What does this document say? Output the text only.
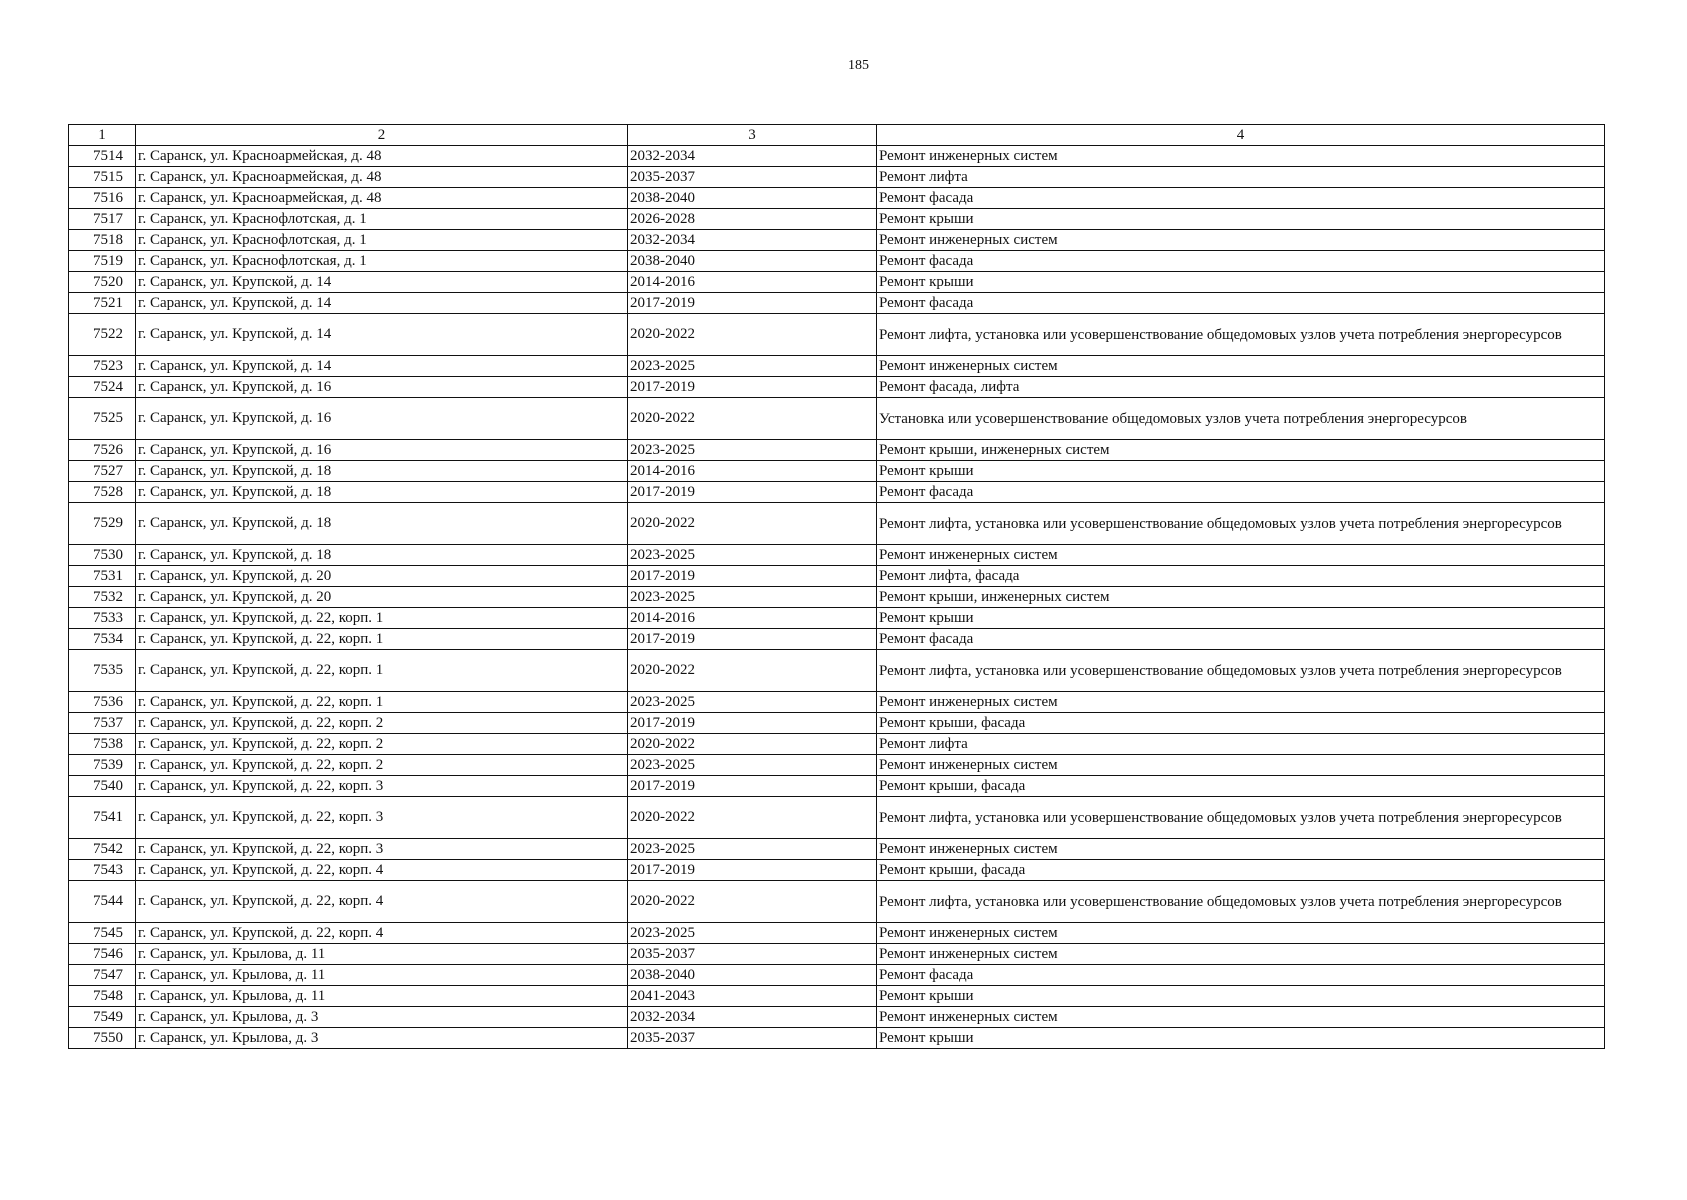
185
1	2	3	4
7514	г. Саранск, ул. Красноармейская, д. 48	2032-2034	Ремонт инженерных систем
7515	г. Саранск, ул. Красноармейская, д. 48	2035-2037	Ремонт лифта
7516	г. Саранск, ул. Красноармейская, д. 48	2038-2040	Ремонт фасада
7517	г. Саранск, ул. Краснофлотская, д. 1	2026-2028	Ремонт крыши
7518	г. Саранск, ул. Краснофлотская, д. 1	2032-2034	Ремонт инженерных систем
7519	г. Саранск, ул. Краснофлотская, д. 1	2038-2040	Ремонт фасада
7520	г. Саранск, ул. Крупской, д. 14	2014-2016	Ремонт крыши
7521	г. Саранск, ул. Крупской, д. 14	2017-2019	Ремонт фасада
7522	г. Саранск, ул. Крупской, д. 14	2020-2022	Ремонт лифта, установка или усовершенствование общедомовых узлов учета потребления энергоресурсов
7523	г. Саранск, ул. Крупской, д. 14	2023-2025	Ремонт инженерных систем
7524	г. Саранск, ул. Крупской, д. 16	2017-2019	Ремонт фасада, лифта
7525	г. Саранск, ул. Крупской, д. 16	2020-2022	Установка или усовершенствование общедомовых узлов учета потребления энергоресурсов
7526	г. Саранск, ул. Крупской, д. 16	2023-2025	Ремонт крыши, инженерных систем
7527	г. Саранск, ул. Крупской, д. 18	2014-2016	Ремонт крыши
7528	г. Саранск, ул. Крупской, д. 18	2017-2019	Ремонт фасада
7529	г. Саранск, ул. Крупской, д. 18	2020-2022	Ремонт лифта, установка или усовершенствование общедомовых узлов учета потребления энергоресурсов
7530	г. Саранск, ул. Крупской, д. 18	2023-2025	Ремонт инженерных систем
7531	г. Саранск, ул. Крупской, д. 20	2017-2019	Ремонт лифта, фасада
7532	г. Саранск, ул. Крупской, д. 20	2023-2025	Ремонт крыши, инженерных систем
7533	г. Саранск, ул. Крупской, д. 22, корп. 1	2014-2016	Ремонт крыши
7534	г. Саранск, ул. Крупской, д. 22, корп. 1	2017-2019	Ремонт фасада
7535	г. Саранск, ул. Крупской, д. 22, корп. 1	2020-2022	Ремонт лифта, установка или усовершенствование общедомовых узлов учета потребления энергоресурсов
7536	г. Саранск, ул. Крупской, д. 22, корп. 1	2023-2025	Ремонт инженерных систем
7537	г. Саранск, ул. Крупской, д. 22, корп. 2	2017-2019	Ремонт крыши, фасада
7538	г. Саранск, ул. Крупской, д. 22, корп. 2	2020-2022	Ремонт лифта
7539	г. Саранск, ул. Крупской, д. 22, корп. 2	2023-2025	Ремонт инженерных систем
7540	г. Саранск, ул. Крупской, д. 22, корп. 3	2017-2019	Ремонт крыши, фасада
7541	г. Саранск, ул. Крупской, д. 22, корп. 3	2020-2022	Ремонт лифта, установка или усовершенствование общедомовых узлов учета потребления энергоресурсов
7542	г. Саранск, ул. Крупской, д. 22, корп. 3	2023-2025	Ремонт инженерных систем
7543	г. Саранск, ул. Крупской, д. 22, корп. 4	2017-2019	Ремонт крыши, фасада
7544	г. Саранск, ул. Крупской, д. 22, корп. 4	2020-2022	Ремонт лифта, установка или усовершенствование общедомовых узлов учета потребления энергоресурсов
7545	г. Саранск, ул. Крупской, д. 22, корп. 4	2023-2025	Ремонт инженерных систем
7546	г. Саранск, ул. Крылова, д. 11	2035-2037	Ремонт инженерных систем
7547	г. Саранск, ул. Крылова, д. 11	2038-2040	Ремонт фасада
7548	г. Саранск, ул. Крылова, д. 11	2041-2043	Ремонт крыши
7549	г. Саранск, ул. Крылова, д. 3	2032-2034	Ремонт инженерных систем
7550	г. Саранск, ул. Крылова, д. 3	2035-2037	Ремонт крыши
